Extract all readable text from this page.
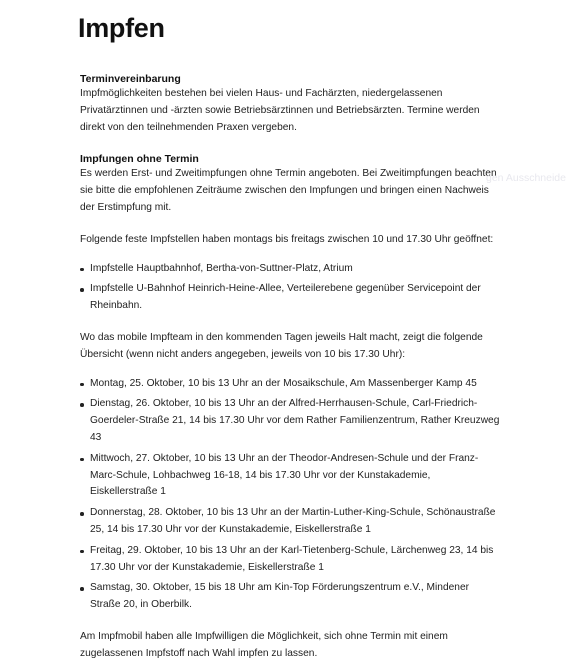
Impfen
Terminvereinbarung

Impfmöglichkeiten bestehen bei vielen Haus- und Fachärzten, niedergelassenen Privatärztinnen und -ärzten sowie Betriebsärztinnen und Betriebsärzten. Termine werden direkt von den teilnehmenden Praxen vergeben.

Impfungen ohne Termin

Es werden Erst- und Zweitimpfungen ohne Termin angeboten. Bei Zweitimpfungen beachten sie bitte die empfohlenen Zeiträume zwischen den Impfungen und bringen einen Nachweis der Erstimpfung mit.

Folgende feste Impfstellen haben montags bis freitags zwischen 10 und 17.30 Uhr geöffnet:

Impfstelle Hauptbahnhof, Bertha-von-Suttner-Platz, Atrium
Impfstelle U-Bahnhof Heinrich-Heine-Allee, Verteilerebene gegenüber Servicepoint der Rheinbahn.

Wo das mobile Impfteam in den kommenden Tagen jeweils Halt macht, zeigt die folgende Übersicht (wenn nicht anders angegeben, jeweils von 10 bis 17.30 Uhr):

Montag, 25. Oktober, 10 bis 13 Uhr an der Mosaikschule, Am Massenberger Kamp 45
Dienstag, 26. Oktober, 10 bis 13 Uhr an der Alfred-Herrhausen-Schule, Carl-Friedrich-Goerdeler-Straße 21, 14 bis 17.30 Uhr vor dem Rather Familienzentrum, Rather Kreuzweg 43
Mittwoch, 27. Oktober, 10 bis 13 Uhr an der Theodor-Andresen-Schule und der Franz-Marc-Schule, Lohbachweg 16-18, 14 bis 17.30 Uhr vor der Kunstakademie, Eiskellerstraße 1
Donnerstag, 28. Oktober, 10 bis 13 Uhr an der Martin-Luther-King-Schule, Schönaustraße 25, 14 bis 17.30 Uhr vor der Kunstakademie, Eiskellerstraße 1
Freitag, 29. Oktober, 10 bis 13 Uhr an der Karl-Tietenberg-Schule, Lärchenweg 23, 14 bis 17.30 Uhr vor der Kunstakademie, Eiskellerstraße 1
Samstag, 30. Oktober, 15 bis 18 Uhr am Kin-Top Förderungszentrum e.V., Mindener Straße 20, in Oberbilk.

Am Impfmobil haben alle Impfwilligen die Möglichkeit, sich ohne Termin mit einem zugelassenen Impfstoff nach Wahl impfen zu lassen.

gen Ausschneide
